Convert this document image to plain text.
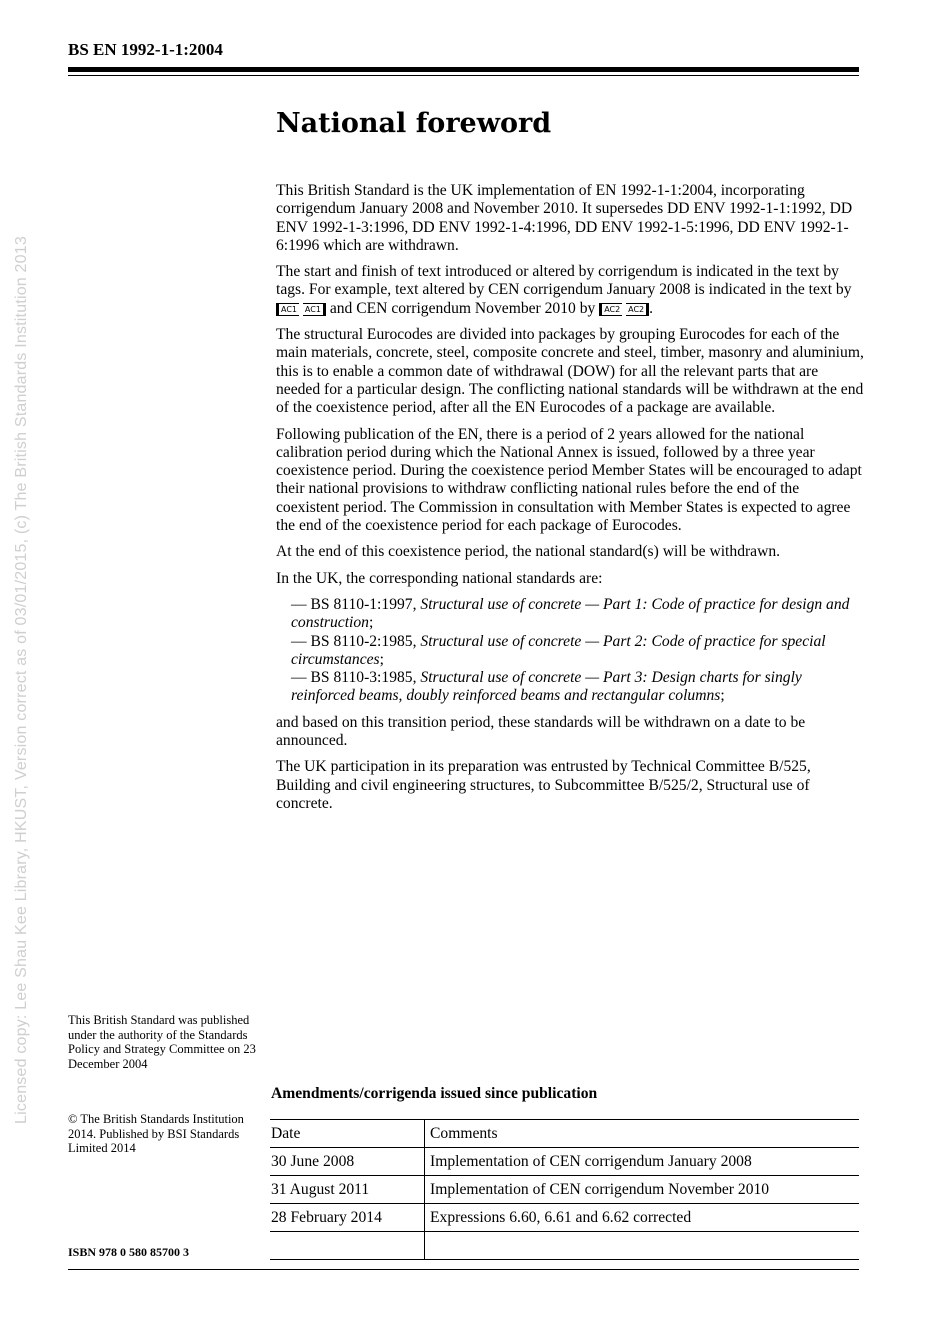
BS EN 1992-1-1:2004
Licensed copy: Lee Shau Kee Library, HKUST, Version correct as of 03/01/2015, (c) The British Standards Institution 2013
National foreword

This British Standard is the UK implementation of EN 1992-1-1:2004, incorporating corrigendum January 2008 and November 2010. It supersedes DD ENV 1992-1-1:1992, DD ENV 1992-1-3:1996, DD ENV 1992-1-4:1996, DD ENV 1992-1-5:1996, DD ENV 1992-1-6:1996 which are withdrawn.

The start and finish of text introduced or altered by corrigendum is indicated in the text by tags. For example, text altered by CEN corrigendum January 2008 is indicated in the text by AC1 AC1 and CEN corrigendum November 2010 by AC2 AC2 .

The structural Eurocodes are divided into packages by grouping Eurocodes for each of the main materials, concrete, steel, composite concrete and steel, timber, masonry and aluminium, this is to enable a common date of withdrawal (DOW) for all the relevant parts that are needed for a particular design. The conflicting national standards will be withdrawn at the end of the coexistence period, after all the EN Eurocodes of a package are available.

Following publication of the EN, there is a period of 2 years allowed for the national calibration period during which the National Annex is issued, followed by a three year coexistence period. During the coexistence period Member States will be encouraged to adapt their national provisions to withdraw conflicting national rules before the end of the coexistent period. The Commission in consultation with Member States is expected to agree the end of the coexistence period for each package of Eurocodes.

At the end of this coexistence period, the national standard(s) will be withdrawn.

In the UK, the corresponding national standards are:

— BS 8110-1:1997, Structural use of concrete — Part 1: Code of practice for design and construction;
— BS 8110-2:1985, Structural use of concrete — Part 2: Code of practice for special circumstances;
— BS 8110-3:1985, Structural use of concrete — Part 3: Design charts for singly reinforced beams, doubly reinforced beams and rectangular columns;

and based on this transition period, these standards will be withdrawn on a date to be announced.

The UK participation in its preparation was entrusted by Technical Committee B/525, Building and civil engineering structures, to Subcommittee B/525/2, Structural use of concrete.

This British Standard was published under the authority of the Standards Policy and Strategy Committee on 23 December 2004

© The British Standards Institution 2014. Published by BSI Standards Limited 2014

ISBN 978 0 580 85700 3
Amendments/corrigenda issued since publication
Date	Comments
30 June 2008	Implementation of CEN corrigendum January 2008
31 August 2011	Implementation of CEN corrigendum November 2010
28 February 2014	Expressions 6.60, 6.61 and 6.62 corrected
